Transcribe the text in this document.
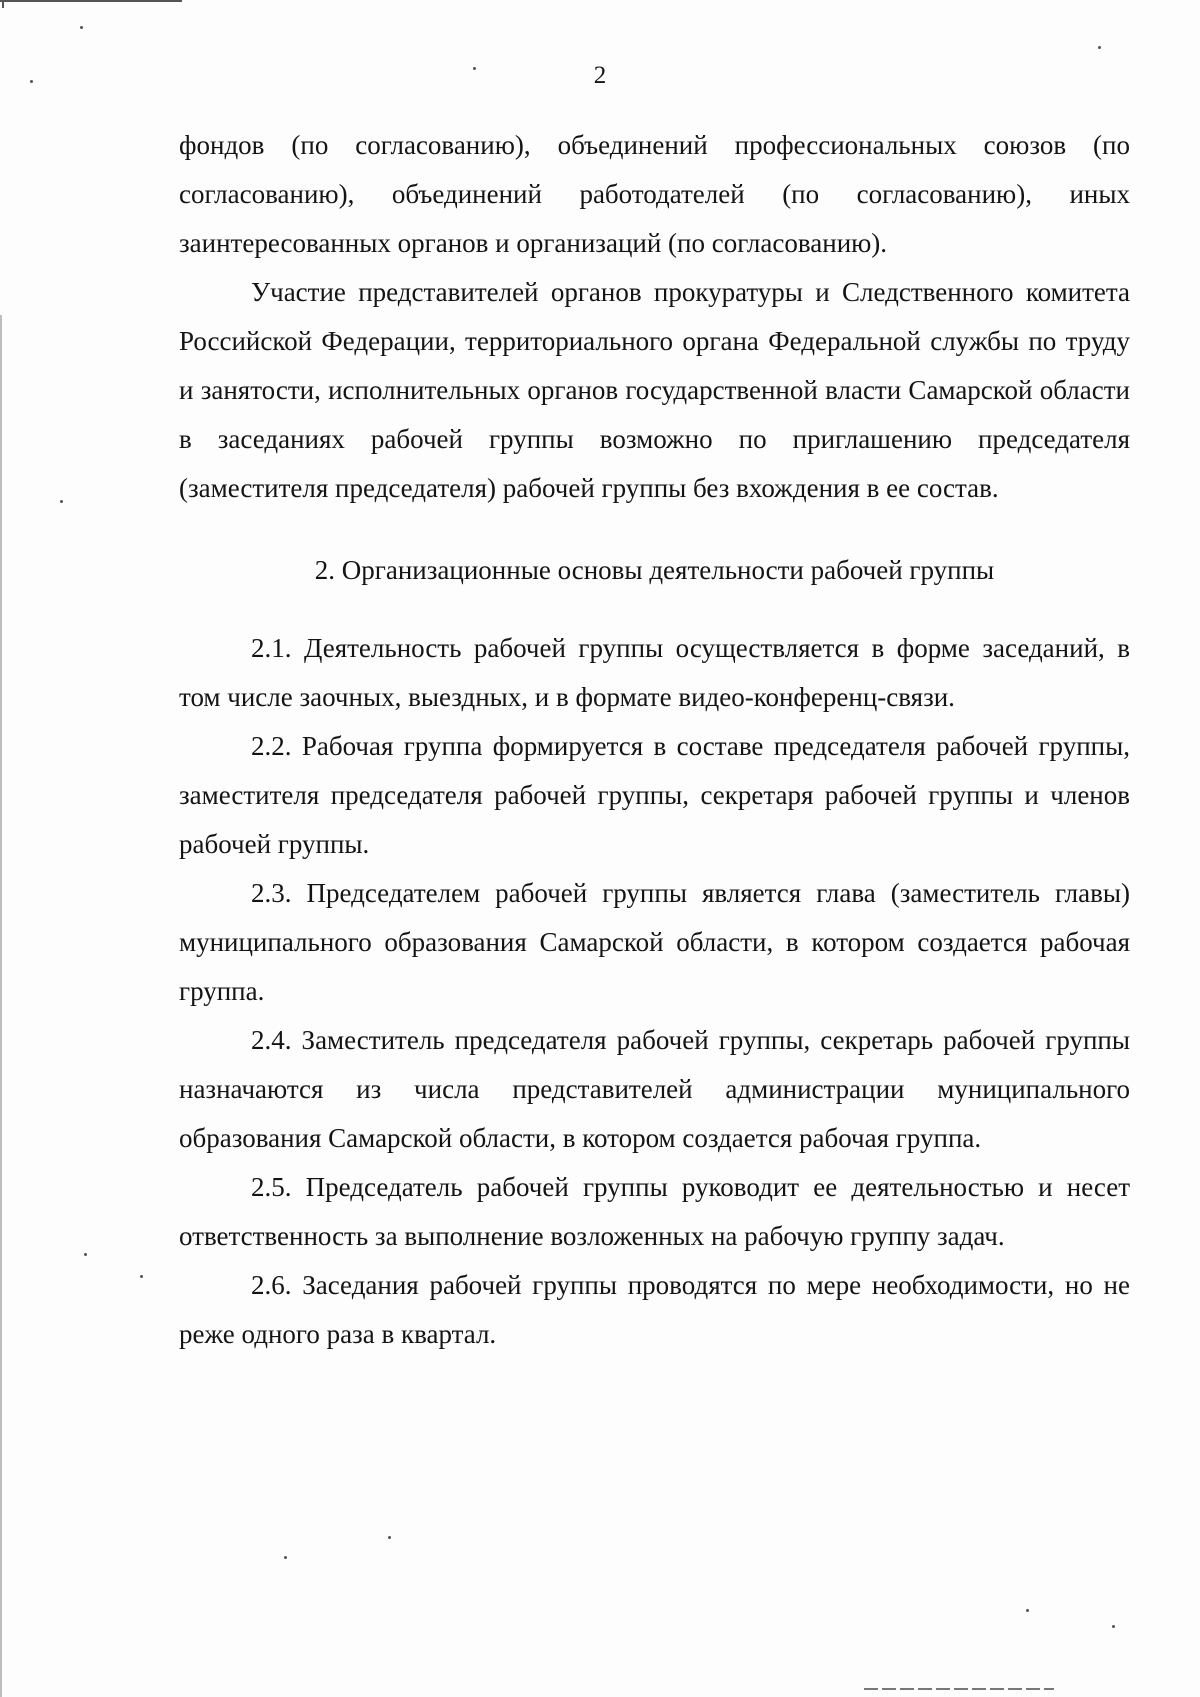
2

фондов (по согласованию), объединений профессиональных союзов (по согласованию), объединений работодателей (по согласованию), иных заинтересованных органов и организаций (по согласованию).

Участие представителей органов прокуратуры и Следственного комитета Российской Федерации, территориального органа Федеральной службы по труду и занятости, исполнительных органов государственной власти Самарской области в заседаниях рабочей группы возможно по приглашению председателя (заместителя председателя) рабочей группы без вхождения в ее состав.

2. Организационные основы деятельности рабочей группы

2.1. Деятельность рабочей группы осуществляется в форме заседаний, в том числе заочных, выездных, и в формате видео-конференц-связи.

2.2. Рабочая группа формируется в составе председателя рабочей группы, заместителя председателя рабочей группы, секретаря рабочей группы и членов рабочей группы.

2.3. Председателем рабочей группы является глава (заместитель главы) муниципального образования Самарской области, в котором создается рабочая группа.

2.4. Заместитель председателя рабочей группы, секретарь рабочей группы назначаются из числа представителей администрации муниципального образования Самарской области, в котором создается рабочая группа.

2.5. Председатель рабочей группы руководит ее деятельностью и несет ответственность за выполнение возложенных на рабочую группу задач.

2.6. Заседания рабочей группы проводятся по мере необходимости, но не реже одного раза в квартал.
